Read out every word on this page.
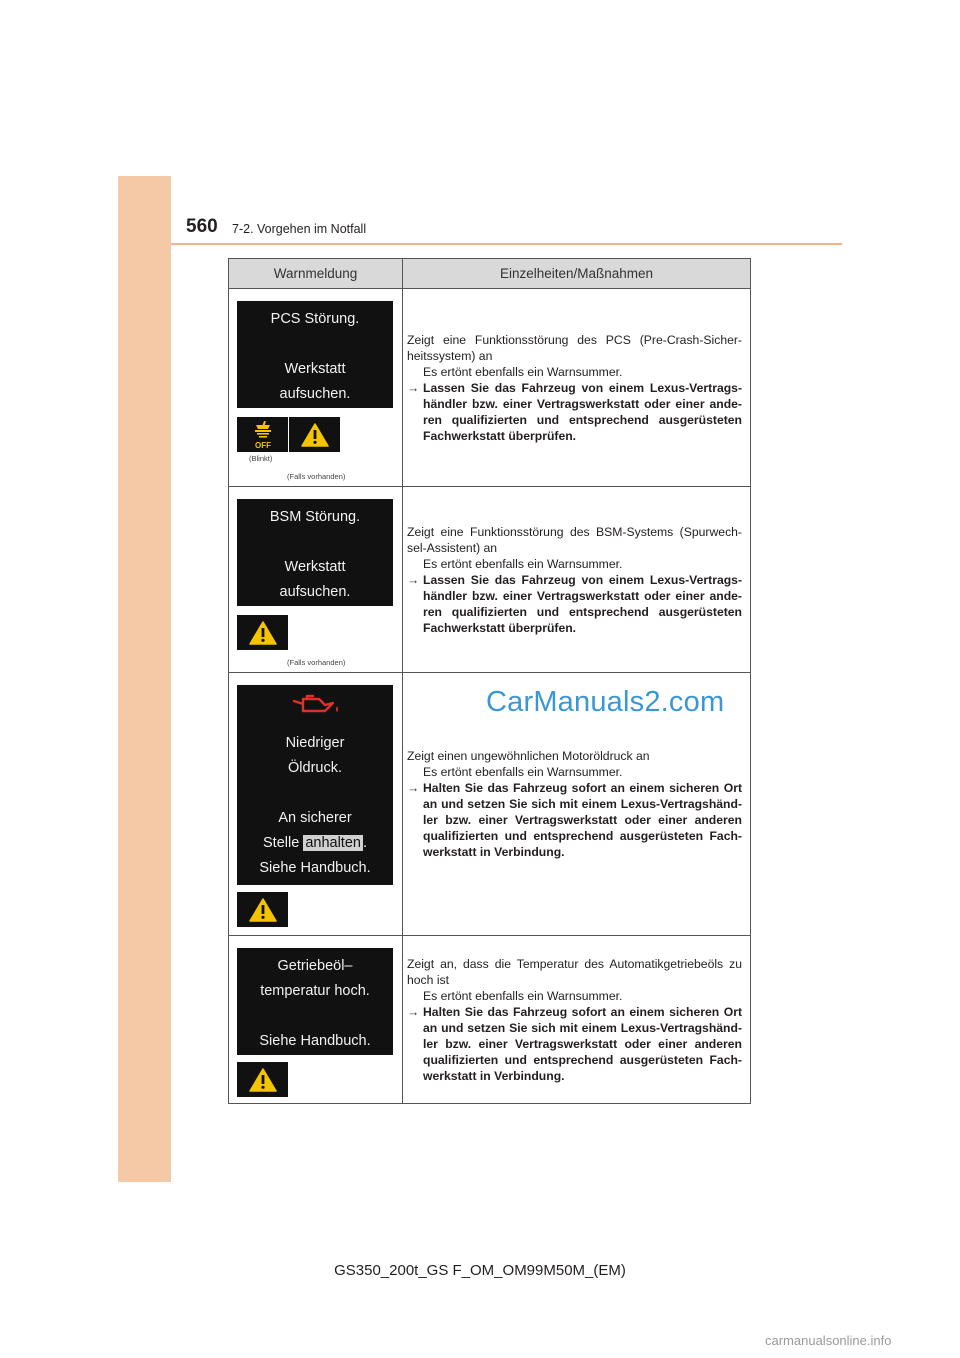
560 7-2. Vorgehen im Notfall
Warnmeldung	Einzelheiten/Maßnahmen
PCS Störung.
Werkstatt
aufsuchen.
OFF
(Blinkt)
(Falls vorhanden)
Zeigt eine Funktionsstörung des PCS (Pre-Crash-Sicher-heitssystem) an
Es ertönt ebenfalls ein Warnsummer.
→ Lassen Sie das Fahrzeug von einem Lexus-Vertrags-händler bzw. einer Vertragswerkstatt oder einer ande-ren qualifizierten und entsprechend ausgerüsteten Fachwerkstatt überprüfen.
BSM Störung.
Werkstatt
aufsuchen.
(Falls vorhanden)
Zeigt eine Funktionsstörung des BSM-Systems (Spurwech-sel-Assistent) an
Es ertönt ebenfalls ein Warnsummer.
→ Lassen Sie das Fahrzeug von einem Lexus-Vertrags-händler bzw. einer Vertragswerkstatt oder einer ande-ren qualifizierten und entsprechend ausgerüsteten Fachwerkstatt überprüfen.
Niedriger
Öldruck.
An sicherer
Stelle anhalten .
Siehe Handbuch.
Zeigt einen ungewöhnlichen Motoröldruck an
Es ertönt ebenfalls ein Warnsummer.
→ Halten Sie das Fahrzeug sofort an einem sicheren Ort an und setzen Sie sich mit einem Lexus-Vertragshänd-ler bzw. einer Vertragswerkstatt oder einer anderen qualifizierten und entsprechend ausgerüsteten Fach-werkstatt in Verbindung.
Getriebeöl–
temperatur hoch.
Siehe Handbuch.
Zeigt an, dass die Temperatur des Automatikgetriebeöls zu hoch ist
Es ertönt ebenfalls ein Warnsummer.
→ Halten Sie das Fahrzeug sofort an einem sicheren Ort an und setzen Sie sich mit einem Lexus-Vertragshänd-ler bzw. einer Vertragswerkstatt oder einer anderen qualifizierten und entsprechend ausgerüsteten Fach-werkstatt in Verbindung.
CarManuals2.com
GS350_200t_GS F_OM_OM99M50M_(EM)
carmanualsonline.info
